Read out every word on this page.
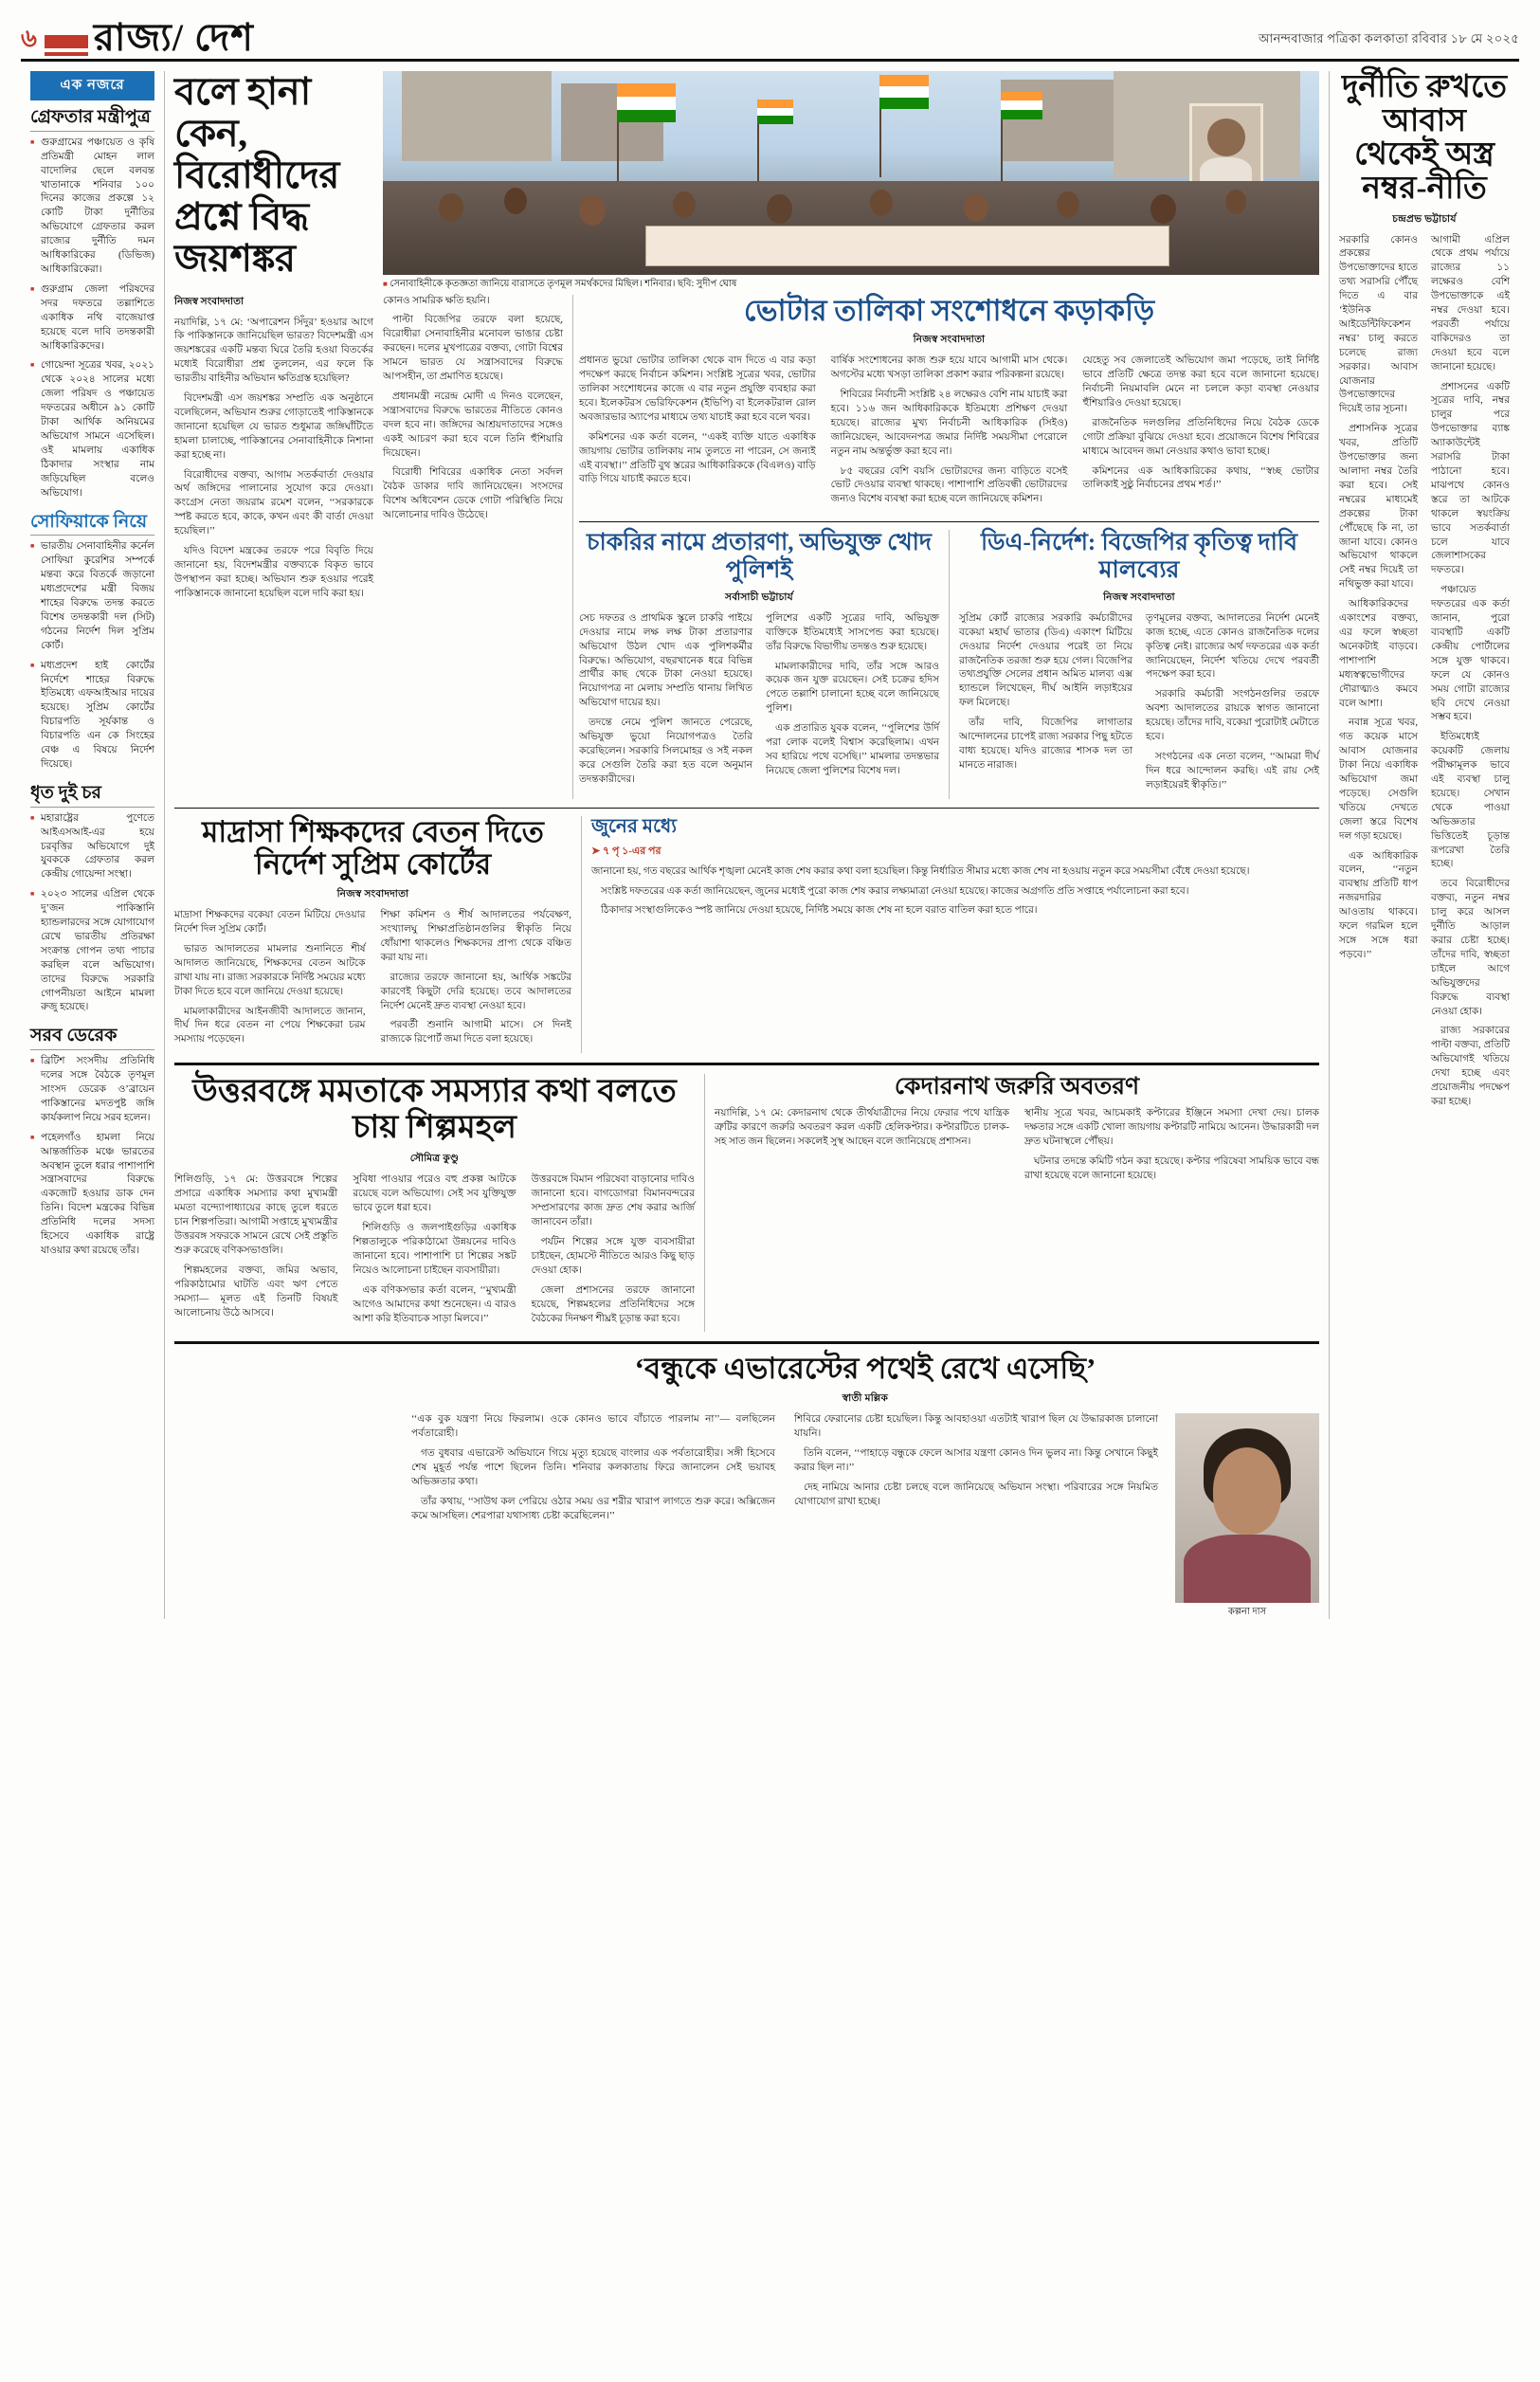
৬ রাজ্য/ দেশ	আনন্দবাজার পত্রিকা কলকাতা রবিবার ১৮ মে ২০২৫
এক নজরে
গ্রেফতার মন্ত্রীপুত্র
■ গুরুগ্রামের পঞ্চায়েত ও কৃষি প্রতিমন্ত্রী মোহন লাল বাদোলির ছেলে বলবন্ত খাতানাকে শনিবার ১০০ দিনের কাজের প্রকল্পে ১২ কোটি টাকা দুর্নীতির অভিযোগে গ্রেফতার করল রাজ্যের দুর্নীতি দমন আধিকারিকের (ডিভিজ) আধিকারিকেরা।
■ গুরুগ্রাম জেলা পরিষদের সদর দফতরে তল্লাশিতে একাধিক নথি বাজেয়াপ্ত হয়েছে বলে দাবি তদন্তকারী আধিকারিকদের।
■ গোয়েন্দা সূত্রের খবর, ২০২১ থেকে ২০২৪ সালের মধ্যে জেলা পরিষদ ও পঞ্চায়েত দফতরের অধীনে ৯১ কোটি টাকা আর্থিক অনিয়মের অভিযোগ সামনে এসেছিল। ওই মামলায় একাধিক ঠিকাদার সংস্থার নাম জড়িয়েছিল বলেও অভিযোগ।
সোফিয়াকে নিয়ে
■ ভারতীয় সেনাবাহিনীর কর্নেল সোফিয়া কুরেশির সম্পর্কে মন্তব্য করে বিতর্কে জড়ানো মধ্যপ্রদেশের মন্ত্রী বিজয় শাহের বিরুদ্ধে তদন্ত করতে বিশেষ তদন্তকারী দল (সিট) গঠনের নির্দেশ দিল সুপ্রিম কোর্ট।
■ মধ্যপ্রদেশ হাই কোর্টের নির্দেশে শাহের বিরুদ্ধে ইতিমধ্যে এফআইআর দায়ের হয়েছে। সুপ্রিম কোর্টের বিচারপতি সূর্যকান্ত ও বিচারপতি এন কে সিংহের বেঞ্চ এ বিষয়ে নির্দেশ দিয়েছে।
ধৃত দুই চর
■ মহারাষ্ট্রের পুণেতে আইএসআই-এর হয়ে চরবৃত্তির অভিযোগে দুই যুবককে গ্রেফতার করল কেন্দ্রীয় গোয়েন্দা সংস্থা।
■ ২০২৩ সালের এপ্রিল থেকে দু’জন পাকিস্তানি হ্যান্ডলারদের সঙ্গে যোগাযোগ রেখে ভারতীয় প্রতিরক্ষা সংক্রান্ত গোপন তথ্য পাচার করছিল বলে অভিযোগ। তাদের বিরুদ্ধে সরকারি গোপনীয়তা আইনে মামলা রুজু হয়েছে।
সরব ডেরেক
■ ব্রিটিশ সংসদীয় প্রতিনিধি দলের সঙ্গে বৈঠকে তৃণমূল সাংসদ ডেরেক ও’ব্রায়েন পাকিস্তানের মদতপুষ্ট জঙ্গি কার্যকলাপ নিয়ে সরব হলেন।
■ পহেলগাঁও হামলা নিয়ে আন্তর্জাতিক মঞ্চে ভারতের অবস্থান তুলে ধরার পাশাপাশি সন্ত্রাসবাদের বিরুদ্ধে একজোট হওয়ার ডাক দেন তিনি। বিদেশ মন্ত্রকের বিভিন্ন প্রতিনিধি দলের সদস্য হিসেবে একাধিক রাষ্ট্রে যাওয়ার কথা রয়েছে তাঁর।
বলে হানা কেন, বিরোধীদের প্রশ্নে বিদ্ধ জয়শঙ্কর
■ সেনাবাহিনীকে কৃতজ্ঞতা জানিয়ে বারাসতে তৃণমূল সমর্থকদের মিছিল। শনিবার। ছবি: সুদীপ ঘোষ
নিজস্ব সংবাদদাতা

নয়াদিল্লি, ১৭ মে: ‘অপারেশন সিঁদুর’ হওয়ার আগে কি পাকিস্তানকে জানিয়েছিল ভারত? বিদেশমন্ত্রী এস জয়শঙ্করের একটি মন্তব্য ঘিরে তৈরি হওয়া বিতর্কের মধ্যেই বিরোধীরা প্রশ্ন তুললেন, এর ফলে কি ভারতীয় বাহিনীর অভিযান ক্ষতিগ্রস্ত হয়েছিল?

বিদেশমন্ত্রী এস জয়শঙ্কর সম্প্রতি এক অনুষ্ঠানে বলেছিলেন, অভিযান শুরুর গোড়াতেই পাকিস্তানকে জানানো হয়েছিল যে ভারত শুধুমাত্র জঙ্গিঘাঁটিতে হামলা চালাচ্ছে, পাকিস্তানের সেনাবাহিনীকে নিশানা করা হচ্ছে না।

বিরোধীদের বক্তব্য, আগাম সতর্কবার্তা দেওয়ার অর্থ জঙ্গিদের পালানোর সুযোগ করে দেওয়া। কংগ্রেস নেতা জয়রাম রমেশ বলেন, ‘‘সরকারকে স্পষ্ট করতে হবে, কাকে, কখন এবং কী বার্তা দেওয়া হয়েছিল।’’

যদিও বিদেশ মন্ত্রকের তরফে পরে বিবৃতি দিয়ে জানানো হয়, বিদেশমন্ত্রীর বক্তব্যকে বিকৃত ভাবে উপস্থাপন করা হচ্ছে। অভিযান শুরু হওয়ার পরেই পাকিস্তানকে জানানো হয়েছিল বলে দাবি করা হয়।

কোনও সামরিক ক্ষতি হয়নি।

পাল্টা বিজেপির তরফে বলা হয়েছে, বিরোধীরা সেনাবাহিনীর মনোবল ভাঙার চেষ্টা করছেন। দলের মুখপাত্রের বক্তব্য, গোটা বিশ্বের সামনে ভারত যে সন্ত্রাসবাদের বিরুদ্ধে আপসহীন, তা প্রমাণিত হয়েছে।

প্রধানমন্ত্রী নরেন্দ্র মোদী এ দিনও বলেছেন, সন্ত্রাসবাদের বিরুদ্ধে ভারতের নীতিতে কোনও বদল হবে না। জঙ্গিদের আশ্রয়দাতাদের সঙ্গেও একই আচরণ করা হবে বলে তিনি হুঁশিয়ারি দিয়েছেন।

বিরোধী শিবিরের একাধিক নেতা সর্বদল বৈঠক ডাকার দাবি জানিয়েছেন। সংসদের বিশেষ অধিবেশন ডেকে গোটা পরিস্থিতি নিয়ে আলোচনার দাবিও উঠেছে।

ভোটার তালিকা সংশোধনে কড়াকড়ি
নিজস্ব সংবাদদাতা

প্রধানত ভুয়ো ভোটার তালিকা থেকে বাদ দিতে এ বার কড়া পদক্ষেপ করছে নির্বাচন কমিশন। সংশ্লিষ্ট সূত্রের খবর, ভোটার তালিকা সংশোধনের কাজে এ বার নতুন প্রযুক্তি ব্যবহার করা হবে। ইলেকটরস ভেরিফিকেশন (ইভিপি) বা ইলেকটরাল রোল অবজারভার অ্যাপের মাধ্যমে তথ্য যাচাই করা হবে বলে খবর।

কমিশনের এক কর্তা বলেন, ‘‘একই ব্যক্তি যাতে একাধিক জায়গায় ভোটার তালিকায় নাম তুলতে না পারেন, সে জন্যই এই ব্যবস্থা।’’ প্রতিটি বুথ স্তরের আধিকারিককে (বিএলও) বাড়ি বাড়ি গিয়ে যাচাই করতে হবে।

বার্ষিক সংশোধনের কাজ শুরু হয়ে যাবে আগামী মাস থেকে। অগস্টের মধ্যে খসড়া তালিকা প্রকাশ করার পরিকল্পনা রয়েছে।

শিবিরের নির্বাচনী সংশ্লিষ্ট ২৪ লক্ষেরও বেশি নাম যাচাই করা হবে। ১১৬ জন আধিকারিককে ইতিমধ্যে প্রশিক্ষণ দেওয়া হয়েছে। রাজ্যের মুখ্য নির্বাচনী আধিকারিক (সিইও) জানিয়েছেন, আবেদনপত্র জমার নির্দিষ্ট সময়সীমা পেরোলে নতুন নাম অন্তর্ভুক্ত করা হবে না।

৮৫ বছরের বেশি বয়সি ভোটারদের জন্য বাড়িতে বসেই ভোট দেওয়ার ব্যবস্থা থাকছে। পাশাপাশি প্রতিবন্ধী ভোটারদের জন্যও বিশেষ ব্যবস্থা করা হচ্ছে বলে জানিয়েছে কমিশন।

যেহেতু সব জেলাতেই অভিযোগ জমা পড়েছে, তাই নির্দিষ্ট ভাবে প্রতিটি ক্ষেত্রে তদন্ত করা হবে বলে জানানো হয়েছে। নির্বাচনী নিয়মাবলি মেনে না চললে কড়া ব্যবস্থা নেওয়ার হুঁশিয়ারিও দেওয়া হয়েছে।

রাজনৈতিক দলগুলির প্রতিনিধিদের নিয়ে বৈঠক ডেকে গোটা প্রক্রিয়া বুঝিয়ে দেওয়া হবে। প্রয়োজনে বিশেষ শিবিরের মাধ্যমে আবেদন জমা নেওয়ার কথাও ভাবা হচ্ছে।

কমিশনের এক আধিকারিকের কথায়, ‘‘স্বচ্ছ ভোটার তালিকাই সুষ্ঠু নির্বাচনের প্রথম শর্ত।’’

চাকরির নামে প্রতারণা, অভিযুক্ত খোদ পুলিশই
সর্বাসাচী ভট্টাচার্য

সেচ দফতর ও প্রাথমিক স্কুলে চাকরি পাইয়ে দেওয়ার নামে লক্ষ লক্ষ টাকা প্রতারণার অভিযোগ উঠল খোদ এক পুলিশকর্মীর বিরুদ্ধে। অভিযোগ, বছরখানেক ধরে বিভিন্ন প্রার্থীর কাছ থেকে টাকা নেওয়া হয়েছে। নিয়োগপত্র না মেলায় সম্প্রতি থানায় লিখিত অভিযোগ দায়ের হয়।

তদন্তে নেমে পুলিশ জানতে পেরেছে, অভিযুক্ত ভুয়ো নিয়োগপত্রও তৈরি করেছিলেন। সরকারি সিলমোহর ও সই নকল করে সেগুলি তৈরি করা হত বলে অনুমান তদন্তকারীদের।

পুলিশের একটি সূত্রের দাবি, অভিযুক্ত ব্যক্তিকে ইতিমধ্যেই সাসপেন্ড করা হয়েছে। তাঁর বিরুদ্ধে বিভাগীয় তদন্তও শুরু হয়েছে।

মামলাকারীদের দাবি, তাঁর সঙ্গে আরও কয়েক জন যুক্ত রয়েছেন। সেই চক্রের হদিস পেতে তল্লাশি চালানো হচ্ছে বলে জানিয়েছে পুলিশ।

এক প্রতারিত যুবক বলেন, ‘‘পুলিশের উর্দি পরা লোক বলেই বিশ্বাস করেছিলাম। এখন সব হারিয়ে পথে বসেছি।’’ মামলার তদন্তভার নিয়েছে জেলা পুলিশের বিশেষ দল।

ডিএ-নির্দেশ: বিজেপির কৃতিত্ব দাবি মালব্যের
নিজস্ব সংবাদদাতা

সুপ্রিম কোর্ট রাজ্যের সরকারি কর্মচারীদের বকেয়া মহার্ঘ ভাতার (ডিএ) একাংশ মিটিয়ে দেওয়ার নির্দেশ দেওয়ার পরেই তা নিয়ে রাজনৈতিক তরজা শুরু হয়ে গেল। বিজেপির তথ্যপ্রযুক্তি সেলের প্রধান অমিত মালব্য এক্স হ্যান্ডলে লিখেছেন, দীর্ঘ আইনি লড়াইয়ের ফল মিলেছে।

তাঁর দাবি, বিজেপির লাগাতার আন্দোলনের চাপেই রাজ্য সরকার পিছু হটতে বাধ্য হয়েছে। যদিও রাজ্যের শাসক দল তা মানতে নারাজ।

তৃণমূলের বক্তব্য, আদালতের নির্দেশ মেনেই কাজ হচ্ছে, এতে কোনও রাজনৈতিক দলের কৃতিত্ব নেই। রাজ্যের অর্থ দফতরের এক কর্তা জানিয়েছেন, নির্দেশ খতিয়ে দেখে পরবর্তী পদক্ষেপ করা হবে।

সরকারি কর্মচারী সংগঠনগুলির তরফে অবশ্য আদালতের রায়কে স্বাগত জানানো হয়েছে। তাঁদের দাবি, বকেয়া পুরোটাই মেটাতে হবে।

সংগঠনের এক নেতা বলেন, ‘‘আমরা দীর্ঘ দিন ধরে আন্দোলন করছি। এই রায় সেই লড়াইয়েরই স্বীকৃতি।’’

মাদ্রাসা শিক্ষকদের বেতন দিতে নির্দেশ সুপ্রিম কোর্টের
নিজস্ব সংবাদদাতা

মাদ্রাসা শিক্ষকদের বকেয়া বেতন মিটিয়ে দেওয়ার নির্দেশ দিল সুপ্রিম কোর্ট।

ভারত আদালতের মামলার শুনানিতে শীর্ষ আদালত জানিয়েছে, শিক্ষকদের বেতন আটকে রাখা যায় না। রাজ্য সরকারকে নির্দিষ্ট সময়ের মধ্যে টাকা দিতে হবে বলে জানিয়ে দেওয়া হয়েছে।

মামলাকারীদের আইনজীবী আদালতে জানান, দীর্ঘ দিন ধরে বেতন না পেয়ে শিক্ষকেরা চরম সমস্যায় পড়েছেন।

শিক্ষা কমিশন ও শীর্ষ আদালতের পর্যবেক্ষণ, সংখ্যালঘু শিক্ষাপ্রতিষ্ঠানগুলির স্বীকৃতি নিয়ে ধোঁয়াশা থাকলেও শিক্ষকদের প্রাপ্য থেকে বঞ্চিত করা যায় না।

রাজ্যের তরফে জানানো হয়, আর্থিক সঙ্কটের কারণেই কিছুটা দেরি হয়েছে। তবে আদালতের নির্দেশ মেনেই দ্রুত ব্যবস্থা নেওয়া হবে।

পরবর্তী শুনানি আগামী মাসে। সে দিনই রাজ্যকে রিপোর্ট জমা দিতে বলা হয়েছে।

জুনের মধ্যে
➤ ৭ পৃ ১-এর পর

জানানো হয়, গত বছরের আর্থিক শৃঙ্খলা মেনেই কাজ শেষ করার কথা বলা হয়েছিল। কিন্তু নির্ধারিত সীমার মধ্যে কাজ শেষ না হওয়ায় নতুন করে সময়সীমা বেঁধে দেওয়া হয়েছে।

সংশ্লিষ্ট দফতরের এক কর্তা জানিয়েছেন, জুনের মধ্যেই পুরো কাজ শেষ করার লক্ষ্যমাত্রা নেওয়া হয়েছে। কাজের অগ্রগতি প্রতি সপ্তাহে পর্যালোচনা করা হবে।

ঠিকাদার সংস্থাগুলিকেও স্পষ্ট জানিয়ে দেওয়া হয়েছে, নির্দিষ্ট সময়ে কাজ শেষ না হলে বরাত বাতিল করা হতে পারে।

উত্তরবঙ্গে মমতাকে সমস্যার কথা বলতে চায় শিল্পমহল
সৌমিত্র কুণ্ডু

শিলিগুড়ি, ১৭ মে: উত্তরবঙ্গে শিল্পের প্রসারে একাধিক সমস্যার কথা মুখ্যমন্ত্রী মমতা বন্দ্যোপাধ্যায়ের কাছে তুলে ধরতে চান শিল্পপতিরা। আগামী সপ্তাহে মুখ্যমন্ত্রীর উত্তরবঙ্গ সফরকে সামনে রেখে সেই প্রস্তুতি শুরু করেছে বণিকসভাগুলি।

শিল্পমহলের বক্তব্য, জমির অভাব, পরিকাঠামোর ঘাটতি এবং ঋণ পেতে সমস্যা— মূলত এই তিনটি বিষয়ই আলোচনায় উঠে আসবে।

সুবিধা পাওয়ার পরেও বহু প্রকল্প আটকে রয়েছে বলে অভিযোগ। সেই সব যুক্তিযুক্ত ভাবে তুলে ধরা হবে।

শিলিগুড়ি ও জলপাইগুড়ির একাধিক শিল্পতালুকে পরিকাঠামো উন্নয়নের দাবিও জানানো হবে। পাশাপাশি চা শিল্পের সঙ্কট নিয়েও আলোচনা চাইছেন ব্যবসায়ীরা।

এক বণিকসভার কর্তা বলেন, ‘‘মুখ্যমন্ত্রী আগেও আমাদের কথা শুনেছেন। এ বারও আশা করি ইতিবাচক সাড়া মিলবে।’’

উত্তরবঙ্গে বিমান পরিষেবা বাড়ানোর দাবিও জানানো হবে। বাগডোগরা বিমানবন্দরের সম্প্রসারণের কাজ দ্রুত শেষ করার আর্জি জানাবেন তাঁরা।

পর্যটন শিল্পের সঙ্গে যুক্ত ব্যবসায়ীরা চাইছেন, হোমস্টে নীতিতে আরও কিছু ছাড় দেওয়া হোক।

জেলা প্রশাসনের তরফে জানানো হয়েছে, শিল্পমহলের প্রতিনিধিদের সঙ্গে বৈঠকের দিনক্ষণ শীঘ্রই চূড়ান্ত করা হবে।

কেদারনাথ জরুরি অবতরণ

নয়াদিল্লি, ১৭ মে: কেদারনাথ থেকে তীর্থযাত্রীদের নিয়ে ফেরার পথে যান্ত্রিক ত্রুটির কারণে জরুরি অবতরণ করল একটি হেলিকপ্টার। কপ্টারটিতে চালক-সহ সাত জন ছিলেন। সকলেই সুস্থ আছেন বলে জানিয়েছে প্রশাসন।

স্থানীয় সূত্রে খবর, আচমকাই কপ্টারের ইঞ্জিনে সমস্যা দেখা দেয়। চালক দক্ষতার সঙ্গে একটি খোলা জায়গায় কপ্টারটি নামিয়ে আনেন। উদ্ধারকারী দল দ্রুত ঘটনাস্থলে পৌঁছয়।

ঘটনার তদন্তে কমিটি গঠন করা হয়েছে। কপ্টার পরিষেবা সাময়িক ভাবে বন্ধ রাখা হয়েছে বলে জানানো হয়েছে।

‘বন্ধুকে এভারেস্টের পথেই রেখে এসেছি’
স্বাতী মল্লিক

‘‘এক বুক যন্ত্রণা নিয়ে ফিরলাম। ওকে কোনও ভাবে বাঁচাতে পারলাম না’’— বলছিলেন পর্বতারোহী।

গত বুধবার এভারেস্ট অভিযানে গিয়ে মৃত্যু হয়েছে বাংলার এক পর্বতারোহীর। সঙ্গী হিসেবে শেষ মুহূর্ত পর্যন্ত পাশে ছিলেন তিনি। শনিবার কলকাতায় ফিরে জানালেন সেই ভয়াবহ অভিজ্ঞতার কথা।

তাঁর কথায়, ‘‘সাউথ কল পেরিয়ে ওঠার সময় ওর শরীর খারাপ লাগতে শুরু করে। অক্সিজেন কমে আসছিল। শেরপারা যথাসাধ্য চেষ্টা করেছিলেন।’’

শিবিরে ফেরানোর চেষ্টা হয়েছিল। কিন্তু আবহাওয়া এতটাই খারাপ ছিল যে উদ্ধারকাজ চালানো যায়নি।

তিনি বলেন, ‘‘পাহাড়ে বন্ধুকে ফেলে আসার যন্ত্রণা কোনও দিন ভুলব না। কিন্তু সেখানে কিছুই করার ছিল না।’’

দেহ নামিয়ে আনার চেষ্টা চলছে বলে জানিয়েছে অভিযান সংস্থা। পরিবারের সঙ্গে নিয়মিত যোগাযোগ রাখা হচ্ছে।

কল্পনা দাস
দুর্নীতি রুখতে আবাস থেকেই অস্ত্র নম্বর-নীতি
চন্দ্রপ্রভ ভট্টাচার্য

সরকারি কোনও প্রকল্পের উপভোক্তাদের হাতে তথ্য সরাসরি পৌঁছে দিতে এ বার ‘ইউনিক আইডেন্টিফিকেশন নম্বর’ চালু করতে চলেছে রাজ্য সরকার। আবাস যোজনার উপভোক্তাদের দিয়েই তার সূচনা।

প্রশাসনিক সূত্রের খবর, প্রতিটি উপভোক্তার জন্য আলাদা নম্বর তৈরি করা হবে। সেই নম্বরের মাধ্যমেই প্রকল্পের টাকা পৌঁছেছে কি না, তা জানা যাবে। কোনও অভিযোগ থাকলে সেই নম্বর দিয়েই তা নথিভুক্ত করা যাবে।

আধিকারিকদের একাংশের বক্তব্য, এর ফলে স্বচ্ছতা অনেকটাই বাড়বে। পাশাপাশি মধ্যস্বত্বভোগীদের দৌরাত্ম্যও কমবে বলে আশা।

নবান্ন সূত্রে খবর, গত কয়েক মাসে আবাস যোজনার টাকা নিয়ে একাধিক অভিযোগ জমা পড়েছে। সেগুলি খতিয়ে দেখতে জেলা স্তরে বিশেষ দল গড়া হয়েছে।

এক আধিকারিক বলেন, ‘‘নতুন ব্যবস্থায় প্রতিটি ধাপ নজরদারির আওতায় থাকবে। ফলে গরমিল হলে সঙ্গে সঙ্গে ধরা পড়বে।’’

আগামী এপ্রিল থেকে প্রথম পর্যায়ে রাজ্যের ১১ লক্ষেরও বেশি উপভোক্তাকে এই নম্বর দেওয়া হবে। পরবর্তী পর্যায়ে বাকিদেরও তা দেওয়া হবে বলে জানানো হয়েছে।

প্রশাসনের একটি সূত্রের দাবি, নম্বর চালুর পরে উপভোক্তার ব্যাঙ্ক অ্যাকাউন্টেই সরাসরি টাকা পাঠানো হবে। মাঝপথে কোনও স্তরে তা আটকে থাকলে স্বয়ংক্রিয় ভাবে সতর্কবার্তা চলে যাবে জেলাশাসকের দফতরে।

পঞ্চায়েত দফতরের এক কর্তা জানান, পুরো ব্যবস্থাটি একটি কেন্দ্রীয় পোর্টালের সঙ্গে যুক্ত থাকবে। ফলে যে কোনও সময় গোটা রাজ্যের ছবি দেখে নেওয়া সম্ভব হবে।

ইতিমধ্যেই কয়েকটি জেলায় পরীক্ষামূলক ভাবে এই ব্যবস্থা চালু হয়েছে। সেখান থেকে পাওয়া অভিজ্ঞতার ভিত্তিতেই চূড়ান্ত রূপরেখা তৈরি হচ্ছে।

তবে বিরোধীদের বক্তব্য, নতুন নম্বর চালু করে আসল দুর্নীতি আড়াল করার চেষ্টা হচ্ছে। তাঁদের দাবি, স্বচ্ছতা চাইলে আগে অভিযুক্তদের বিরুদ্ধে ব্যবস্থা নেওয়া হোক।

রাজ্য সরকারের পাল্টা বক্তব্য, প্রতিটি অভিযোগই খতিয়ে দেখা হচ্ছে এবং প্রয়োজনীয় পদক্ষেপ করা হচ্ছে।
